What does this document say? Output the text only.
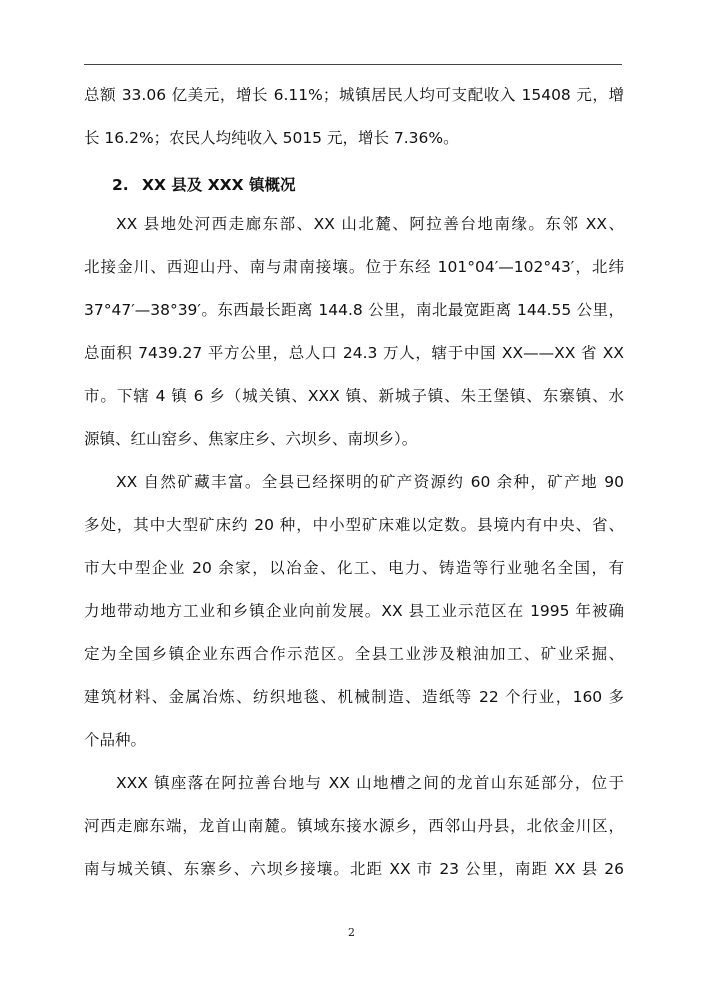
总额 33.06 亿美元，增长 6.11%；城镇居民人均可支配收入 15408 元，增
长 16.2%；农民人均纯收入 5015 元，增长 7.36%。
2. XX 县及 XXX 镇概况
XX 县地处河西走廊东部、XX 山北麓、阿拉善台地南缘。东邻 XX、
北接金川、西迎山丹、南与肃南接壤。位于东经 101°04′—102°43′，北纬
37°47′—38°39′。东西最长距离 144.8 公里，南北最宽距离 144.55 公里，
总面积 7439.27 平方公里，总人口 24.3 万人，辖于中国 XX——XX 省 XX
市。下辖 4 镇 6 乡（城关镇、XXX 镇、新城子镇、朱王堡镇、东寨镇、水
源镇、红山窑乡、焦家庄乡、六坝乡、南坝乡）。
XX 自然矿藏丰富。全县已经探明的矿产资源约 60 余种，矿产地 90
多处，其中大型矿床约 20 种，中小型矿床难以定数。县境内有中央、省、
市大中型企业 20 余家，以冶金、化工、电力、铸造等行业驰名全国，有
力地带动地方工业和乡镇企业向前发展。XX 县工业示范区在 1995 年被确
定为全国乡镇企业东西合作示范区。全县工业涉及粮油加工、矿业采掘、
建筑材料、金属冶炼、纺织地毯、机械制造、造纸等 22 个行业，160 多
个品种。
XXX 镇座落在阿拉善台地与 XX 山地槽之间的龙首山东延部分，位于
河西走廊东端，龙首山南麓。镇域东接水源乡，西邻山丹县，北依金川区，
南与城关镇、东寨乡、六坝乡接壤。北距 XX 市 23 公里，南距 XX 县 26
2
